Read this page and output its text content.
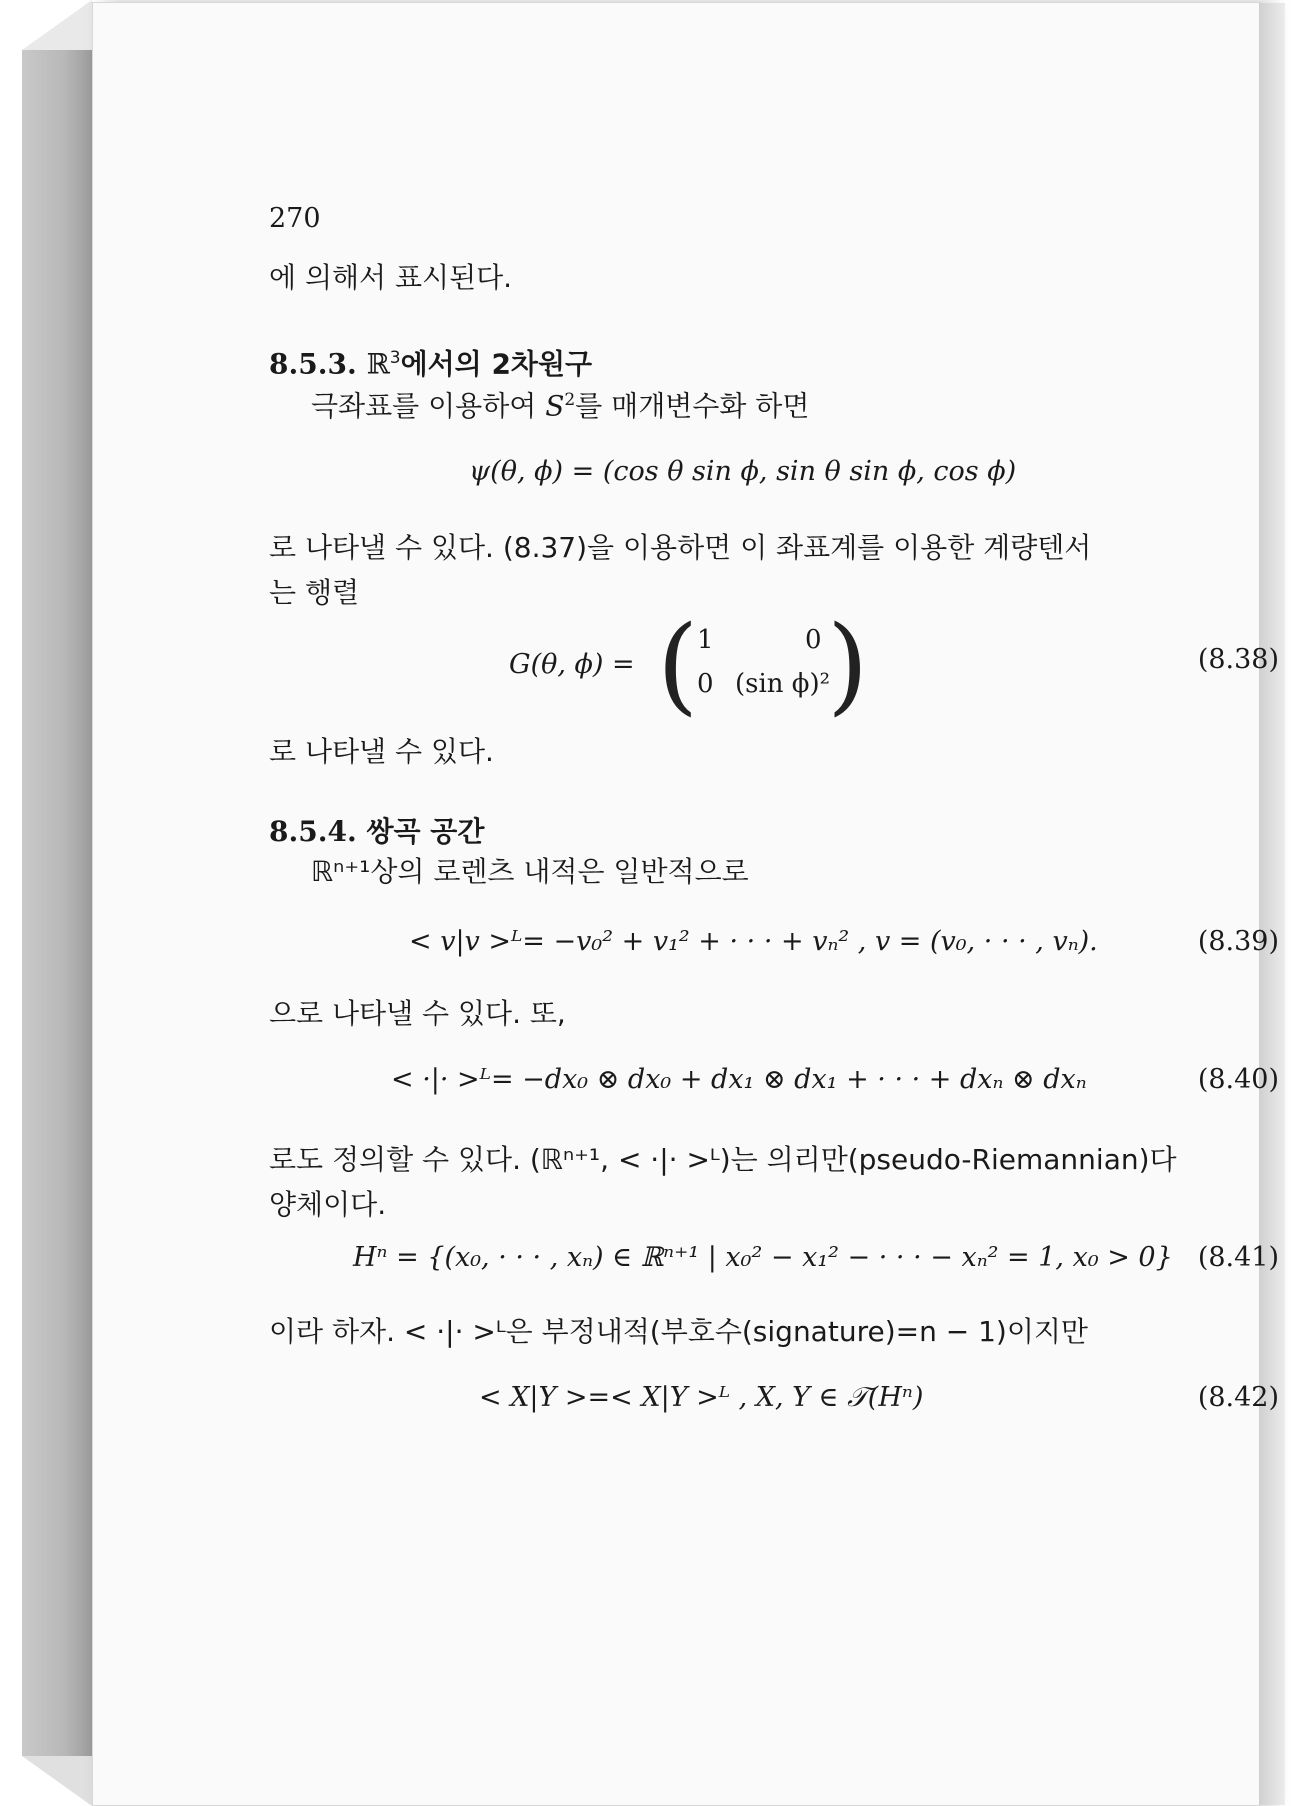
270
에 의해서 표시된다.
8.5.3. ℝ$^3$에서의 2차원구
극좌표를 이용하여 $S^2$를 매개변수화 하면
ψ(θ, ϕ) = (cos θ sin ϕ, sin θ sin ϕ, cos ϕ)
로 나타낼 수 있다. (8.37)을 이용하면 이 좌표계를 이용한 계량텐서
는 행렬
G(θ, ϕ) = (
1	0
0 (sin ϕ)²
)	(8.38)
로 나타낼 수 있다.
8.5.4. 쌍곡 공간
ℝⁿ⁺¹상의 로렌츠 내적은 일반적으로
< v|v >ᴸ= −v₀² + v₁² + · · · + vₙ² , v = (v₀, · · · , vₙ).	(8.39)
으로 나타낼 수 있다. 또,
< ·|· >ᴸ= −dx₀ ⊗ dx₀ + dx₁ ⊗ dx₁ + · · · + dxₙ ⊗ dxₙ	(8.40)
로도 정의할 수 있다. (ℝⁿ⁺¹, < ·|· >ᴸ)는 의리만(pseudo-Riemannian)다
양체이다.
Hⁿ = {(x₀, · · · , xₙ) ∈ ℝⁿ⁺¹ | x₀² − x₁² − · · · − xₙ² = 1, x₀ > 0} (8.41)
이라 하자. < ·|· >ᴸ은 부정내적(부호수(signature)=n − 1)이지만
< X|Y >=< X|Y >ᴸ , X, Y ∈ 𝒯(Hⁿ)	(8.42)
